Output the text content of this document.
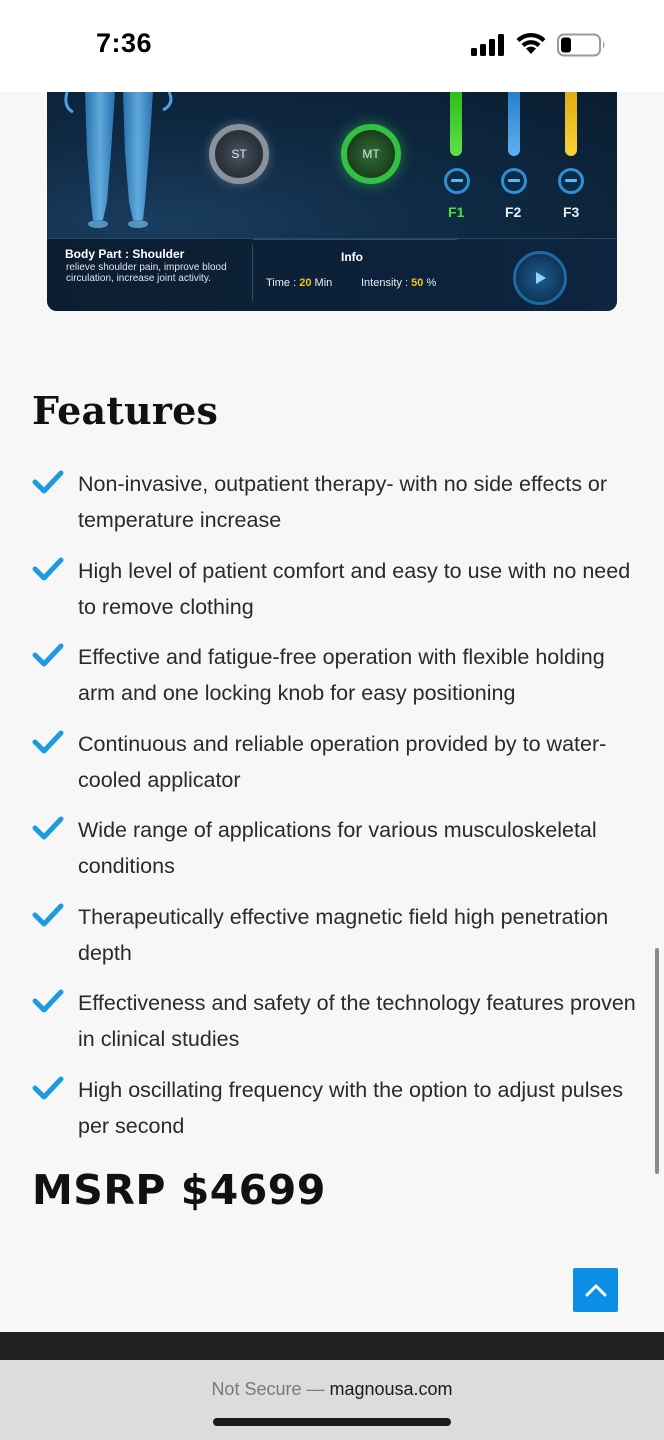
7:36
ST	MT
F1	F2	F3
Body Part : Shoulder
relieve shoulder pain, improve blood circulation, increase joint activity.
Info
Time : 20 Min	Intensity : 50 %
Features
Non-invasive, outpatient therapy- with no side effects or temperature increase
High level of patient comfort and easy to use with no need to remove clothing
Effective and fatigue-free operation with flexible holding arm and one locking knob for easy positioning
Continuous and reliable operation provided by to water-cooled applicator
Wide range of applications for various musculoskeletal conditions
Therapeutically effective magnetic field high penetration depth
Effectiveness and safety of the technology features proven in clinical studies
High oscillating frequency with the option to adjust pulses per second
MSRP $4699
Not Secure — magnousa.com
